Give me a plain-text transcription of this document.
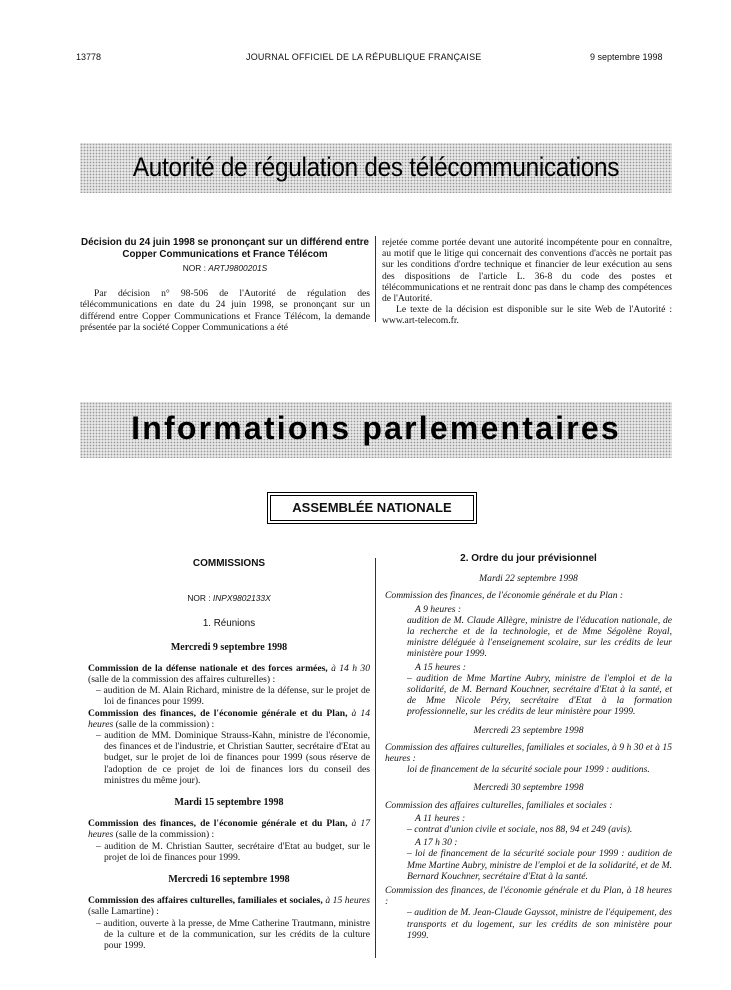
13778	JOURNAL OFFICIEL DE LA RÉPUBLIQUE FRANÇAISE	9 septembre 1998
Autorité de régulation des télécommunications
Décision du 24 juin 1998 se prononçant sur un différend entre Copper Communications et France Télécom
NOR : ARTJ9800201S

Par décision n° 98-506 de l'Autorité de régulation des télécommunications en date du 24 juin 1998, se prononçant sur un différend entre Copper Communications et France Télécom, la demande présentée par la société Copper Communications a été

rejetée comme portée devant une autorité incompétente pour en connaître, au motif que le litige qui concernait des conventions d'accès ne portait pas sur les conditions d'ordre technique et financier de leur exécution au sens des dispositions de l'article L. 36-8 du code des postes et télécommunications et ne rentrait donc pas dans le champ des compétences de l'Autorité.

Le texte de la décision est disponible sur le site Web de l'Autorité : www.art-telecom.fr.

Informations parlementaires
ASSEMBLÉE NATIONALE
COMMISSIONS
NOR : INPX9802133X
1. Réunions
Mercredi 9 septembre 1998

Commission de la défense nationale et des forces armées, à 14 h 30 (salle de la commission des affaires culturelles) :

– audition de M. Alain Richard, ministre de la défense, sur le projet de loi de finances pour 1999.

Commission des finances, de l'économie générale et du Plan, à 14 heures (salle de la commission) :

– audition de MM. Dominique Strauss-Kahn, ministre de l'économie, des finances et de l'industrie, et Christian Sautter, secrétaire d'Etat au budget, sur le projet de loi de finances pour 1999 (sous réserve de l'adoption de ce projet de loi de finances lors du conseil des ministres du même jour).

Mardi 15 septembre 1998

Commission des finances, de l'économie générale et du Plan, à 17 heures (salle de la commission) :

– audition de M. Christian Sautter, secrétaire d'Etat au budget, sur le projet de loi de finances pour 1999.

Mercredi 16 septembre 1998

Commission des affaires culturelles, familiales et sociales, à 15 heures (salle Lamartine) :

– audition, ouverte à la presse, de Mme Catherine Trautmann, ministre de la culture et de la communication, sur les crédits de la culture pour 1999.

2. Ordre du jour prévisionnel
Mardi 22 septembre 1998

Commission des finances, de l'économie générale et du Plan :

A 9 heures :

audition de M. Claude Allègre, ministre de l'éducation nationale, de la recherche et de la technologie, et de Mme Ségolène Royal, ministre déléguée à l'enseignement scolaire, sur les crédits de leur ministère pour 1999.

A 15 heures :

– audition de Mme Martine Aubry, ministre de l'emploi et de la solidarité, de M. Bernard Kouchner, secrétaire d'Etat à la santé, et de Mme Nicole Péry, secrétaire d'Etat à la formation professionnelle, sur les crédits de leur ministère pour 1999.

Mercredi 23 septembre 1998

Commission des affaires culturelles, familiales et sociales, à 9 h 30 et à 15 heures :

loi de financement de la sécurité sociale pour 1999 : auditions.

Mercredi 30 septembre 1998

Commission des affaires culturelles, familiales et sociales :

A 11 heures :

– contrat d'union civile et sociale, nos 88, 94 et 249 (avis).

A 17 h 30 :

– loi de financement de la sécurité sociale pour 1999 : audition de Mme Martine Aubry, ministre de l'emploi et de la solidarité, et de M. Bernard Kouchner, secrétaire d'Etat à la santé.

Commission des finances, de l'économie générale et du Plan, à 18 heures :

– audition de M. Jean-Claude Gayssot, ministre de l'équipement, des transports et du logement, sur les crédits de son ministère pour 1999.
